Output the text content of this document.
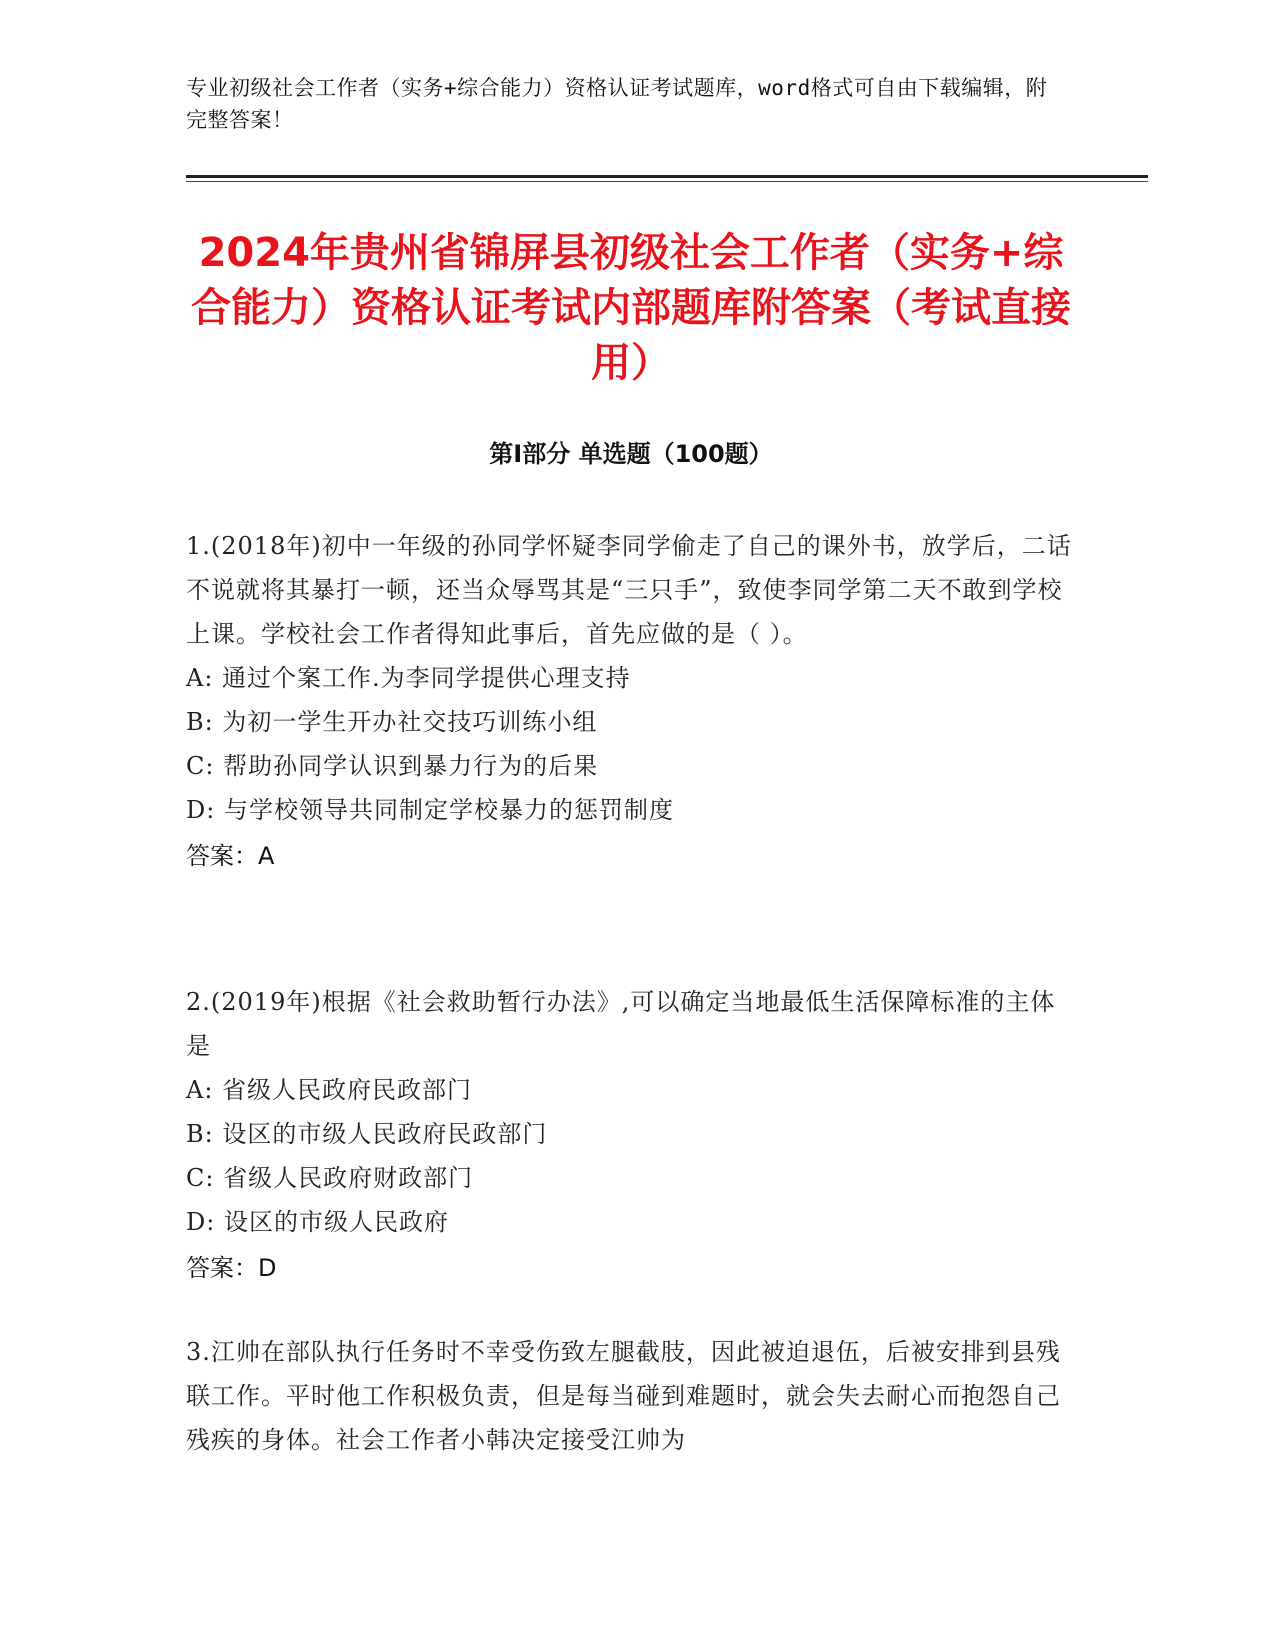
专业初级社会工作者（实务+综合能力）资格认证考试题库，word格式可自由下载编辑，附完整答案！
2024年贵州省锦屏县初级社会工作者（实务+综合能力）资格认证考试内部题库附答案（考试直接用）
第I部分 单选题（100题）

1.(2018年)初中一年级的孙同学怀疑李同学偷走了自己的课外书，放学后，二话不说就将其暴打一顿，还当众辱骂其是“三只手”，致使李同学第二天不敢到学校上课。学校社会工作者得知此事后，首先应做的是（ ）。

A: 通过个案工作.为李同学提供心理支持
B: 为初一学生开办社交技巧训练小组
C: 帮助孙同学认识到暴力行为的后果
D: 与学校领导共同制定学校暴力的惩罚制度

答案：A

2.(2019年)根据《社会救助暂行办法》,可以确定当地最低生活保障标准的主体是

A: 省级人民政府民政部门
B: 设区的市级人民政府民政部门
C: 省级人民政府财政部门
D: 设区的市级人民政府

答案：D

3.江帅在部队执行任务时不幸受伤致左腿截肢，因此被迫退伍，后被安排到县残联工作。平时他工作积极负责，但是每当碰到难题时，就会失去耐心而抱怨自己残疾的身体。社会工作者小韩决定接受江帅为
